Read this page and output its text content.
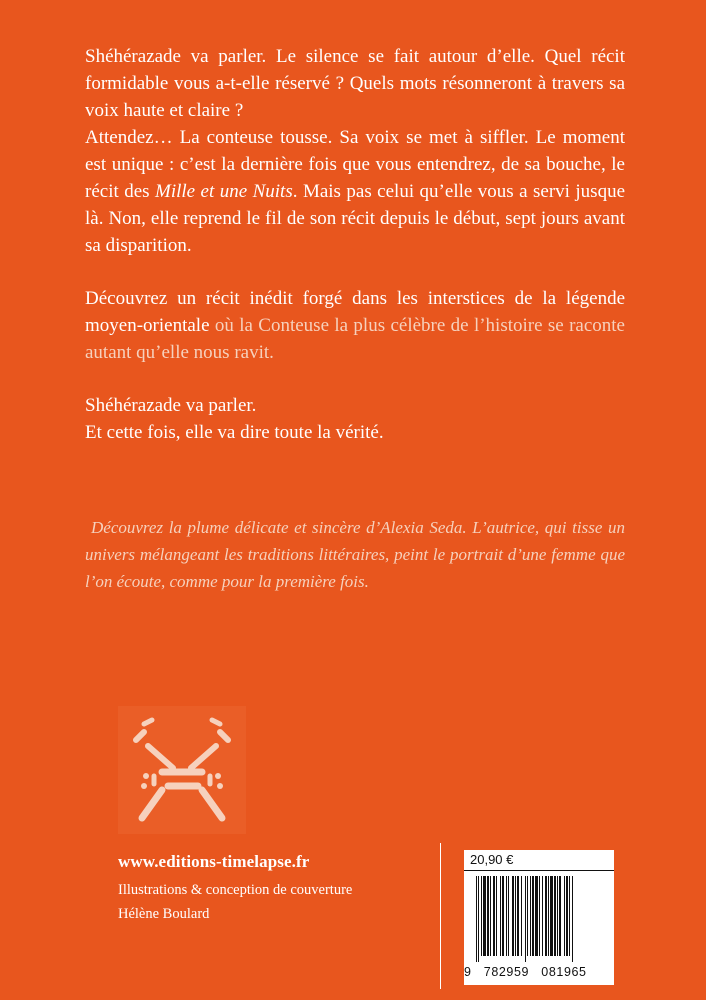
Shéhérazade va parler. Le silence se fait autour d’elle. Quel récit formidable vous a-t-elle réservé ? Quels mots résonneront à travers sa voix haute et claire ?

Attendez… La conteuse tousse. Sa voix se met à siffler. Le moment est unique : c’est la dernière fois que vous entendrez, de sa bouche, le récit des Mille et une Nuits. Mais pas celui qu’elle vous a servi jusque là. Non, elle reprend le fil de son récit depuis le début, sept jours avant sa disparition.

Découvrez un récit inédit forgé dans les interstices de la légende moyen-orientale où la Conteuse la plus célèbre de l’histoire se raconte autant qu’elle nous ravit.

Shéhérazade va parler.
Et cette fois, elle va dire toute la vérité.

Découvrez la plume délicate et sincère d’Alexia Seda. L’autrice, qui tisse un univers mélangeant les traditions littéraires, peint le portrait d’une femme que l’on écoute, comme pour la première fois.

www.editions-timelapse.fr
Illustrations & conception de couverture
Hélène Boulard
20,90 €
9   782959   081965
